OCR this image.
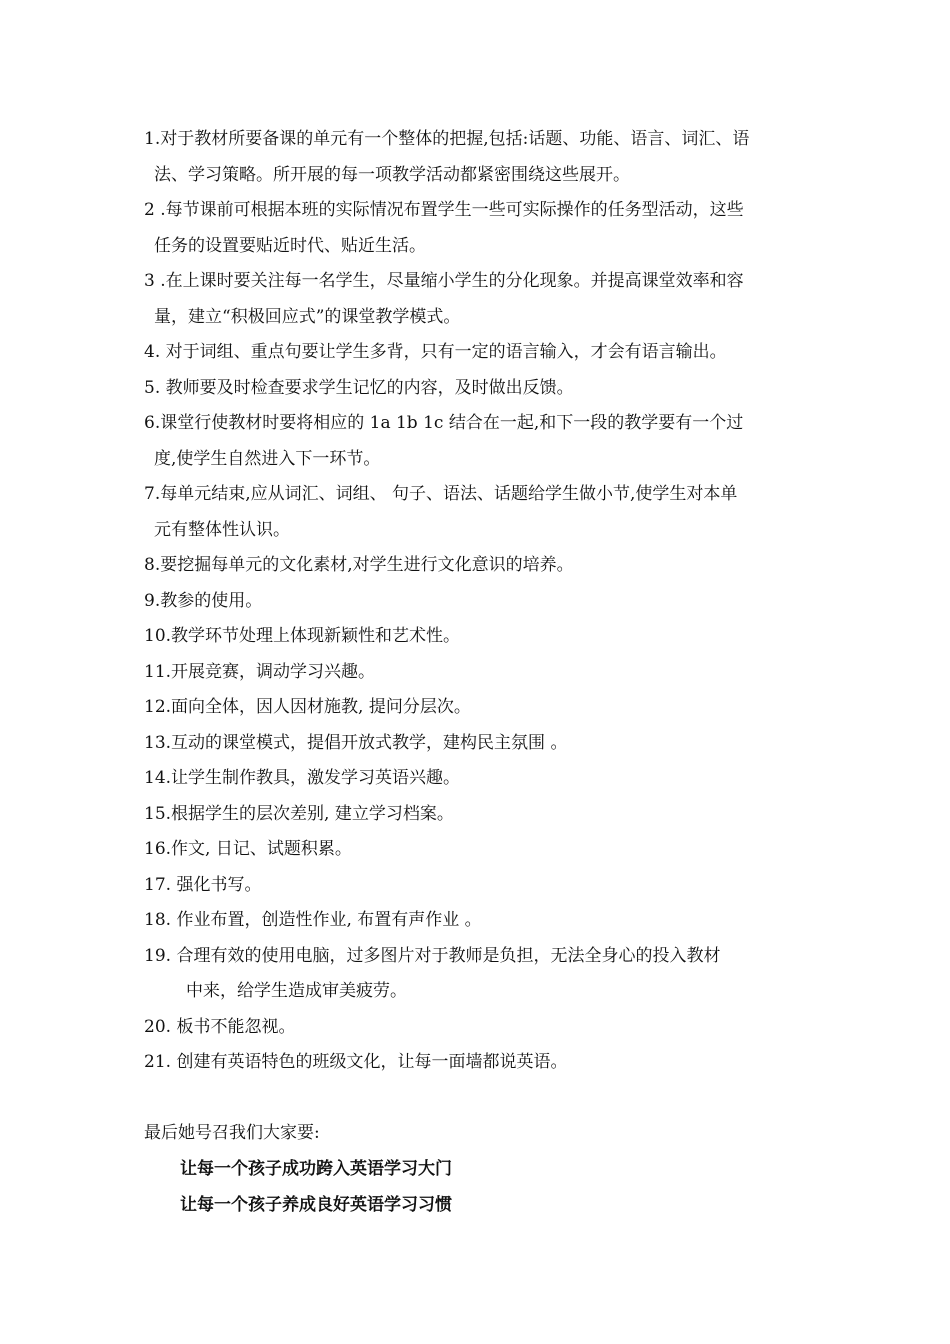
1.对于教材所要备课的单元有一个整体的把握,包括:话题、功能、语言、词汇、语
法、学习策略。所开展的每一项教学活动都紧密围绕这些展开。
2 .每节课前可根据本班的实际情况布置学生一些可实际操作的任务型活动，这些
任务的设置要贴近时代、贴近生活。
3 .在上课时要关注每一名学生，尽量缩小学生的分化现象。并提高课堂效率和容
量，建立“积极回应式”的课堂教学模式。
4. 对于词组、重点句要让学生多背，只有一定的语言输入，才会有语言输出。
5. 教师要及时检查要求学生记忆的内容，及时做出反馈。
6.课堂行使教材时要将相应的 1a 1b 1c 结合在一起,和下一段的教学要有一个过
度,使学生自然进入下一环节。
7.每单元结束,应从词汇、词组、 句子、语法、话题给学生做小节,使学生对本单
元有整体性认识。
8.要挖掘每单元的文化素材,对学生进行文化意识的培养。
9.教参的使用。
10.教学环节处理上体现新颖性和艺术性。
11.开展竞赛，调动学习兴趣。
12.面向全体，因人因材施教, 提问分层次。
13.互动的课堂模式，提倡开放式教学，建构民主氛围 。
14.让学生制作教具，激发学习英语兴趣。
15.根据学生的层次差别, 建立学习档案。
16.作文, 日记、试题积累。
17. 强化书写。
18. 作业布置，创造性作业, 布置有声作业 。
19. 合理有效的使用电脑，过多图片对于教师是负担，无法全身心的投入教材
中来，给学生造成审美疲劳。
20. 板书不能忽视。
21. 创建有英语特色的班级文化，让每一面墙都说英语。
最后她号召我们大家要:
让每一个孩子成功跨入英语学习大门
让每一个孩子养成良好英语学习习惯
